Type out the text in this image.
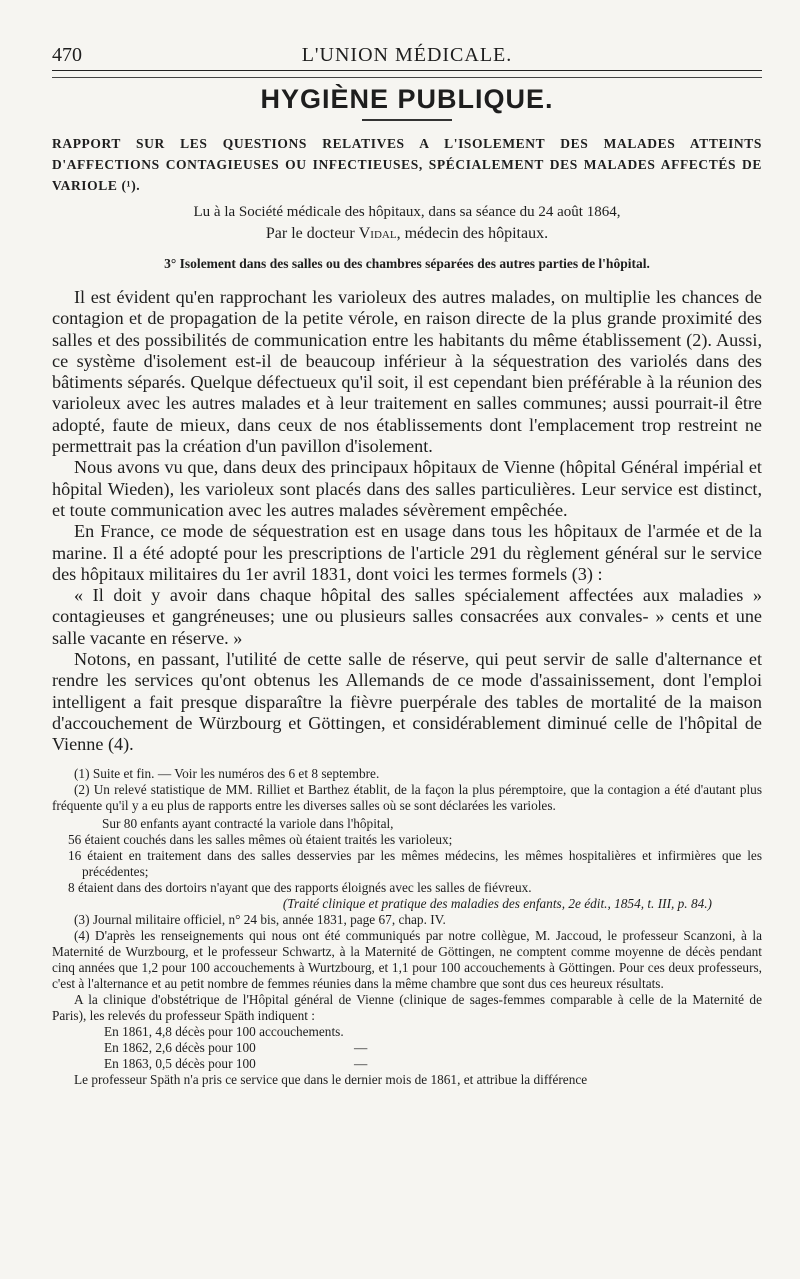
470	L'UNION MÉDICALE.
HYGIÈNE PUBLIQUE.
RAPPORT SUR LES QUESTIONS RELATIVES A L'ISOLEMENT DES MALADES ATTEINTS D'AFFECTIONS CONTAGIEUSES OU INFECTIEUSES, SPÉCIALEMENT DES MALADES AFFECTÉS DE VARIOLE (¹).
Lu à la Société médicale des hôpitaux, dans sa séance du 24 août 1864,
Par le docteur Vidal, médecin des hôpitaux.
3° Isolement dans des salles ou des chambres séparées des autres parties de l'hôpital.

Il est évident qu'en rapprochant les varioleux des autres malades, on multiplie les chances de contagion et de propagation de la petite vérole, en raison directe de la plus grande proximité des salles et des possibilités de communication entre les habitants du même établissement (2). Aussi, ce système d'isolement est-il de beaucoup inférieur à la séquestration des variolés dans des bâtiments séparés. Quelque défectueux qu'il soit, il est cependant bien préférable à la réunion des varioleux avec les autres malades et à leur traitement en salles communes; aussi pourrait-il être adopté, faute de mieux, dans ceux de nos établissements dont l'emplacement trop restreint ne permettrait pas la création d'un pavillon d'isolement.

Nous avons vu que, dans deux des principaux hôpitaux de Vienne (hôpital Général impérial et hôpital Wieden), les varioleux sont placés dans des salles particulières. Leur service est distinct, et toute communication avec les autres malades sévèrement empêchée.

En France, ce mode de séquestration est en usage dans tous les hôpitaux de l'armée et de la marine. Il a été adopté pour les prescriptions de l'article 291 du règlement général sur le service des hôpitaux militaires du 1er avril 1831, dont voici les termes formels (3) :

« Il doit y avoir dans chaque hôpital des salles spécialement affectées aux maladies » contagieuses et gangréneuses; une ou plusieurs salles consacrées aux convales- » cents et une salle vacante en réserve. »

Notons, en passant, l'utilité de cette salle de réserve, qui peut servir de salle d'alternance et rendre les services qu'ont obtenus les Allemands de ce mode d'assainissement, dont l'emploi intelligent a fait presque disparaître la fièvre puerpérale des tables de mortalité de la maison d'accouchement de Würzbourg et Göttingen, et considérablement diminué celle de l'hôpital de Vienne (4).

(1) Suite et fin. — Voir les numéros des 6 et 8 septembre.

(2) Un relevé statistique de MM. Rilliet et Barthez établit, de la façon la plus péremptoire, que la contagion a été d'autant plus fréquente qu'il y a eu plus de rapports entre les diverses salles où se sont déclarées les varioles.

Sur 80 enfants ayant contracté la variole dans l'hôpital,

56 étaient couchés dans les salles mêmes où étaient traités les varioleux;

16 étaient en traitement dans des salles desservies par les mêmes médecins, les mêmes hospitalières et infirmières que les précédentes;

8 étaient dans des dortoirs n'ayant que des rapports éloignés avec les salles de fiévreux.

(Traité clinique et pratique des maladies des enfants, 2e édit., 1854, t. III, p. 84.)

(3) Journal militaire officiel, n° 24 bis, année 1831, page 67, chap. IV.

(4) D'après les renseignements qui nous ont été communiqués par notre collègue, M. Jaccoud, le professeur Scanzoni, à la Maternité de Wurzbourg, et le professeur Schwartz, à la Maternité de Göttingen, ne comptent comme moyenne de décès pendant cinq années que 1,2 pour 100 accouchements à Wurtzbourg, et 1,1 pour 100 accouchements à Göttingen. Pour ces deux professeurs, c'est à l'alternance et au petit nombre de femmes réunies dans la même chambre que sont dus ces heureux résultats.

A la clinique d'obstétrique de l'Hôpital général de Vienne (clinique de sages-femmes comparable à celle de la Maternité de Paris), les relevés du professeur Späth indiquent :

En 1861, 4,8 décès pour 100 accouchements.
En 1862, 2,6 décès pour 100	—
En 1863, 0,5 décès pour 100	—

Le professeur Späth n'a pris ce service que dans le dernier mois de 1861, et attribue la différence
